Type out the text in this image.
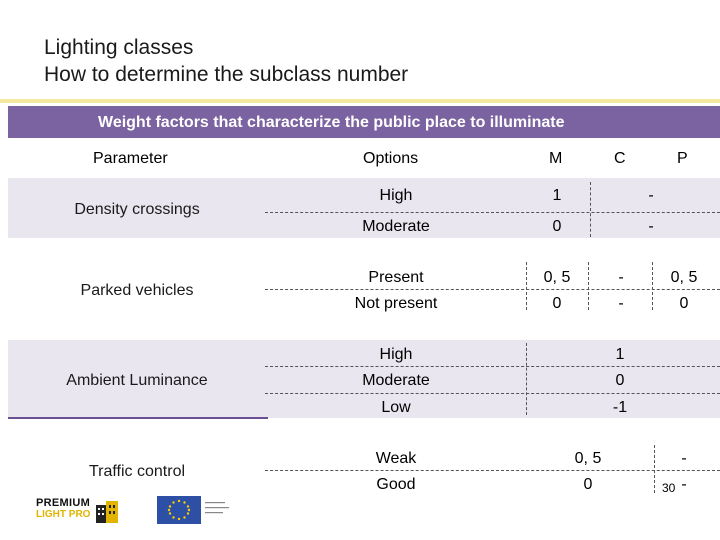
Lighting classes
How to determine the subclass number
Weight factors that characterize the public place to illuminate
Parameter	Options	M	C	P
Density crossings
High	1	-
Moderate	0	-
Parked vehicles
Present	0, 5	-	0, 5
Not present	0	-	0
Ambient Luminance
High	1
Moderate	0
Low	-1
Traffic control
Weak	0, 5	-
Good	0	-
PREMIUM
LIGHT PRO
30
